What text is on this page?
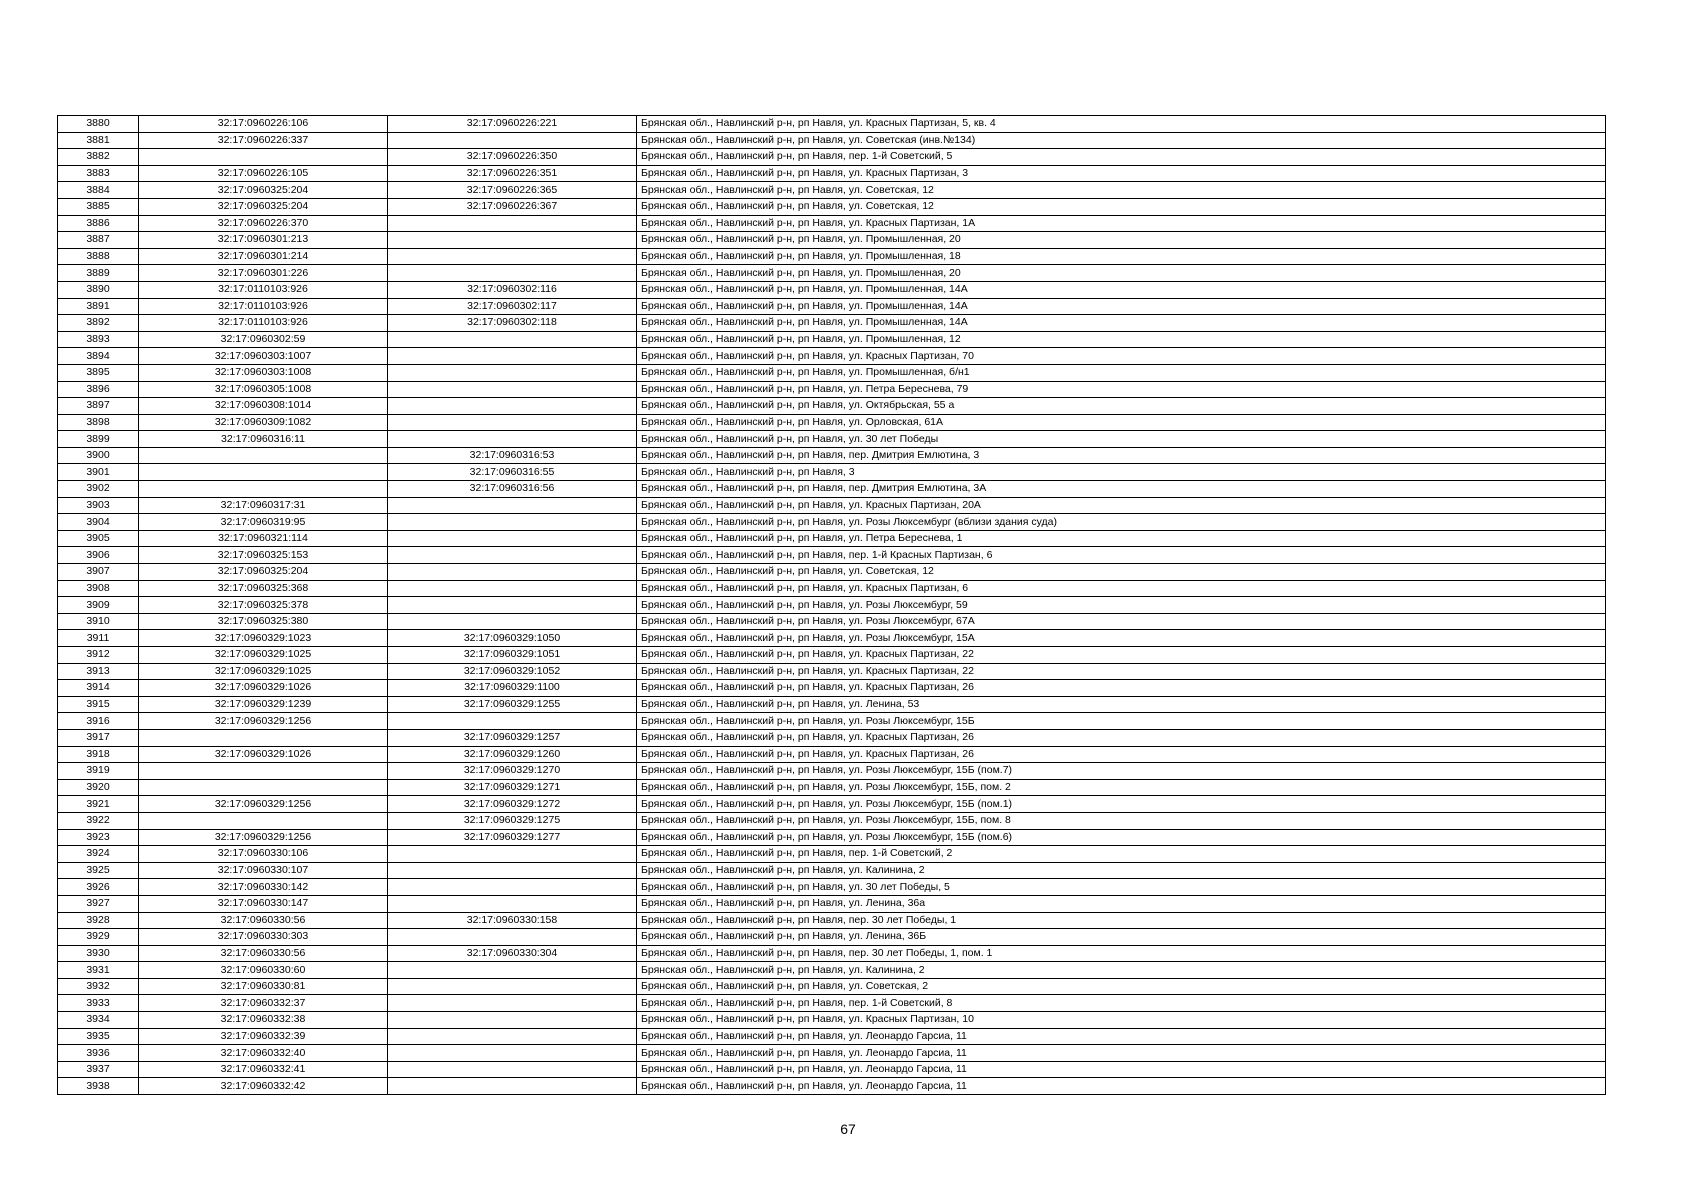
3880	32:17:0960226:106	32:17:0960226:221	Брянская обл., Навлинский р-н, рп Навля, ул. Красных Партизан, 5, кв. 4
3881	32:17:0960226:337		Брянская обл., Навлинский р-н, рп Навля, ул. Советская (инв.№134)
3882		32:17:0960226:350	Брянская обл., Навлинский р-н, рп Навля, пер. 1-й Советский, 5
3883	32:17:0960226:105	32:17:0960226:351	Брянская обл., Навлинский р-н, рп Навля, ул. Красных Партизан, 3
3884	32:17:0960325:204	32:17:0960226:365	Брянская обл., Навлинский р-н, рп Навля, ул. Советская, 12
3885	32:17:0960325:204	32:17:0960226:367	Брянская обл., Навлинский р-н, рп Навля, ул. Советская, 12
3886	32:17:0960226:370		Брянская обл., Навлинский р-н, рп Навля, ул. Красных Партизан, 1А
3887	32:17:0960301:213		Брянская обл., Навлинский р-н, рп Навля, ул. Промышленная, 20
3888	32:17:0960301:214		Брянская обл., Навлинский р-н, рп Навля, ул. Промышленная, 18
3889	32:17:0960301:226		Брянская обл., Навлинский р-н, рп Навля, ул. Промышленная, 20
3890	32:17:0110103:926	32:17:0960302:116	Брянская обл., Навлинский р-н, рп Навля, ул. Промышленная, 14А
3891	32:17:0110103:926	32:17:0960302:117	Брянская обл., Навлинский р-н, рп Навля, ул. Промышленная, 14А
3892	32:17:0110103:926	32:17:0960302:118	Брянская обл., Навлинский р-н, рп Навля, ул. Промышленная, 14А
3893	32:17:0960302:59		Брянская обл., Навлинский р-н, рп Навля, ул. Промышленная, 12
3894	32:17:0960303:1007		Брянская обл., Навлинский р-н, рп Навля, ул. Красных Партизан, 70
3895	32:17:0960303:1008		Брянская обл., Навлинский р-н, рп Навля, ул. Промышленная, б/н1
3896	32:17:0960305:1008		Брянская обл., Навлинский р-н, рп Навля, ул. Петра Береснева, 79
3897	32:17:0960308:1014		Брянская обл., Навлинский р-н, рп Навля, ул. Октябрьская, 55 а
3898	32:17:0960309:1082		Брянская обл., Навлинский р-н, рп Навля, ул. Орловская, 61А
3899	32:17:0960316:11		Брянская обл., Навлинский р-н, рп Навля, ул. 30 лет Победы
3900		32:17:0960316:53	Брянская обл., Навлинский р-н, рп Навля, пер. Дмитрия Емлютина, 3
3901		32:17:0960316:55	Брянская обл., Навлинский р-н, рп Навля, 3
3902		32:17:0960316:56	Брянская обл., Навлинский р-н, рп Навля, пер. Дмитрия Емлютина, 3А
3903	32:17:0960317:31		Брянская обл., Навлинский р-н, рп Навля, ул. Красных Партизан, 20А
3904	32:17:0960319:95		Брянская обл., Навлинский р-н, рп Навля, ул. Розы Люксембург (вблизи здания суда)
3905	32:17:0960321:114		Брянская обл., Навлинский р-н, рп Навля, ул. Петра Береснева, 1
3906	32:17:0960325:153		Брянская обл., Навлинский р-н, рп Навля, пер. 1-й Красных Партизан, 6
3907	32:17:0960325:204		Брянская обл., Навлинский р-н, рп Навля, ул. Советская, 12
3908	32:17:0960325:368		Брянская обл., Навлинский р-н, рп Навля, ул. Красных Партизан, 6
3909	32:17:0960325:378		Брянская обл., Навлинский р-н, рп Навля, ул. Розы Люксембург, 59
3910	32:17:0960325:380		Брянская обл., Навлинский р-н, рп Навля, ул. Розы Люксембург, 67А
3911	32:17:0960329:1023	32:17:0960329:1050	Брянская обл., Навлинский р-н, рп Навля, ул. Розы Люксембург, 15А
3912	32:17:0960329:1025	32:17:0960329:1051	Брянская обл., Навлинский р-н, рп Навля, ул. Красных Партизан, 22
3913	32:17:0960329:1025	32:17:0960329:1052	Брянская обл., Навлинский р-н, рп Навля, ул. Красных Партизан, 22
3914	32:17:0960329:1026	32:17:0960329:1100	Брянская обл., Навлинский р-н, рп Навля, ул. Красных Партизан, 26
3915	32:17:0960329:1239	32:17:0960329:1255	Брянская обл., Навлинский р-н, рп Навля, ул. Ленина, 53
3916	32:17:0960329:1256		Брянская обл., Навлинский р-н, рп Навля, ул. Розы Люксембург, 15Б
3917		32:17:0960329:1257	Брянская обл., Навлинский р-н, рп Навля, ул. Красных Партизан, 26
3918	32:17:0960329:1026	32:17:0960329:1260	Брянская обл., Навлинский р-н, рп Навля, ул. Красных Партизан, 26
3919		32:17:0960329:1270	Брянская обл., Навлинский р-н, рп Навля, ул. Розы Люксембург, 15Б (пом.7)
3920		32:17:0960329:1271	Брянская обл., Навлинский р-н, рп Навля, ул. Розы Люксембург, 15Б, пом. 2
3921	32:17:0960329:1256	32:17:0960329:1272	Брянская обл., Навлинский р-н, рп Навля, ул. Розы Люксембург, 15Б (пом.1)
3922		32:17:0960329:1275	Брянская обл., Навлинский р-н, рп Навля, ул. Розы Люксембург, 15Б, пом. 8
3923	32:17:0960329:1256	32:17:0960329:1277	Брянская обл., Навлинский р-н, рп Навля, ул. Розы Люксембург, 15Б (пом.6)
3924	32:17:0960330:106		Брянская обл., Навлинский р-н, рп Навля, пер. 1-й Советский, 2
3925	32:17:0960330:107		Брянская обл., Навлинский р-н, рп Навля, ул. Калинина, 2
3926	32:17:0960330:142		Брянская обл., Навлинский р-н, рп Навля, ул. 30 лет Победы, 5
3927	32:17:0960330:147		Брянская обл., Навлинский р-н, рп Навля, ул. Ленина, 36а
3928	32:17:0960330:56	32:17:0960330:158	Брянская обл., Навлинский р-н, рп Навля, пер. 30 лет Победы, 1
3929	32:17:0960330:303		Брянская обл., Навлинский р-н, рп Навля, ул. Ленина, 36Б
3930	32:17:0960330:56	32:17:0960330:304	Брянская обл., Навлинский р-н, рп Навля, пер. 30 лет Победы, 1, пом. 1
3931	32:17:0960330:60		Брянская обл., Навлинский р-н, рп Навля, ул. Калинина, 2
3932	32:17:0960330:81		Брянская обл., Навлинский р-н, рп Навля, ул. Советская, 2
3933	32:17:0960332:37		Брянская обл., Навлинский р-н, рп Навля, пер. 1-й Советский, 8
3934	32:17:0960332:38		Брянская обл., Навлинский р-н, рп Навля, ул. Красных Партизан, 10
3935	32:17:0960332:39		Брянская обл., Навлинский р-н, рп Навля, ул. Леонардо Гарсиа, 11
3936	32:17:0960332:40		Брянская обл., Навлинский р-н, рп Навля, ул. Леонардо Гарсиа, 11
3937	32:17:0960332:41		Брянская обл., Навлинский р-н, рп Навля, ул. Леонардо Гарсиа, 11
3938	32:17:0960332:42		Брянская обл., Навлинский р-н, рп Навля, ул. Леонардо Гарсиа, 11
67
